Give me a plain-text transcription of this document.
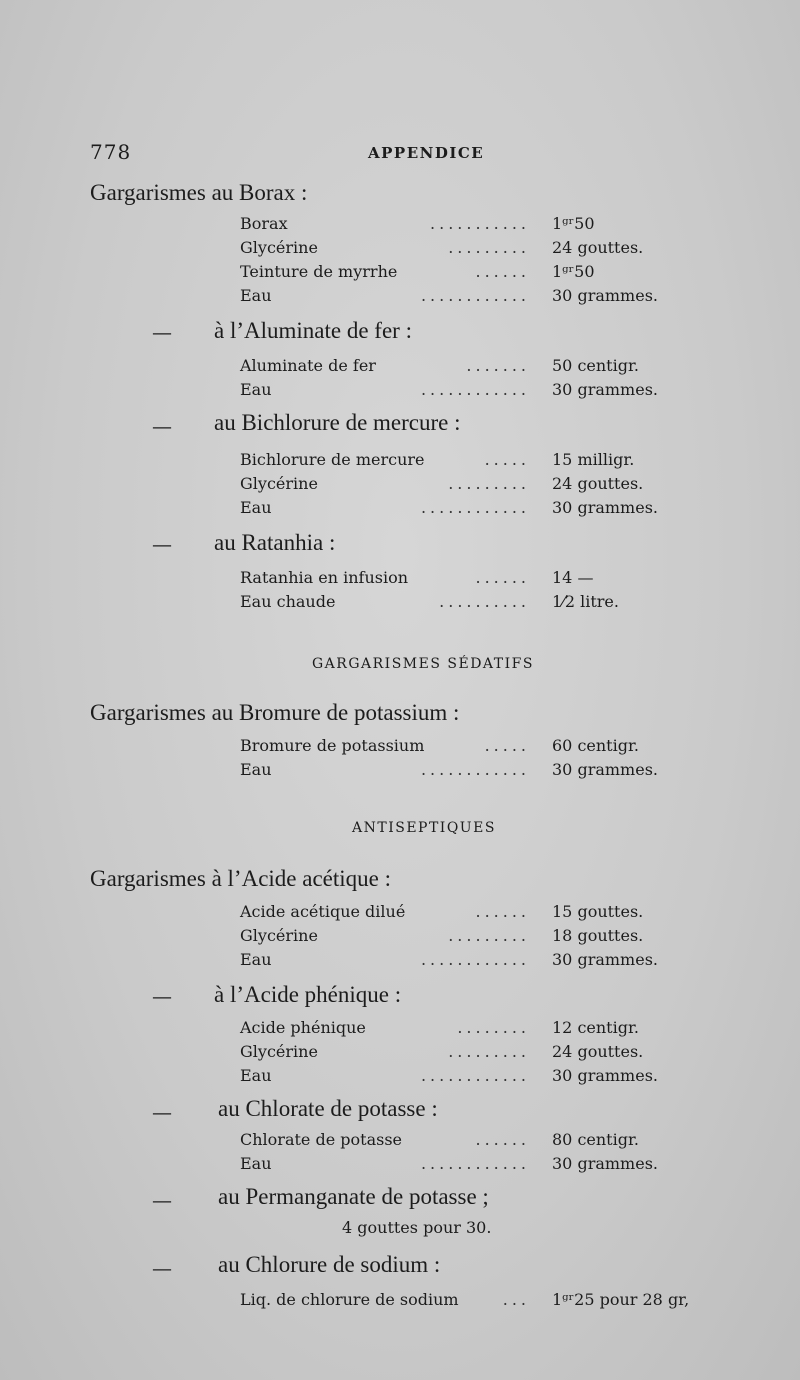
778	APPENDICE
Gargarismes au Borax :
Borax	........... 1ᵍʳ50
Glycérine	......... 24 gouttes.
Teinture de myrrhe	...... 1ᵍʳ50
Eau	............ 30 grammes.
— à l’Aluminate de fer :
Aluminate de fer	....... 50 centigr.
Eau	............ 30 grammes.
— au Bichlorure de mercure :
Bichlorure de mercure	..... 15 milligr.
Glycérine	......... 24 gouttes.
Eau	............ 30 grammes.
— au Ratanhia :
Ratanhia en infusion	...... 14 —
Eau chaude	.......... 1⁄2 litre.
GARGARISMES SÉDATIFS
Gargarismes au Bromure de potassium :
Bromure de potassium	..... 60 centigr.
Eau	............ 30 grammes.
ANTISEPTIQUES
Gargarismes à l’Acide acétique :
Acide acétique dilué	...... 15 gouttes.
Glycérine	......... 18 gouttes.
Eau	............ 30 grammes.
— à l’Acide phénique :
Acide phénique	........ 12 centigr.
Glycérine	......... 24 gouttes.
Eau	............ 30 grammes.
— au Chlorate de potasse :
Chlorate de potasse	...... 80 centigr.
Eau	............ 30 grammes.
— au Permanganate de potasse ;
4 gouttes pour 30.
— au Chlorure de sodium :
Liq. de chlorure de sodium	... 1ᵍʳ25 pour 28 gr,
